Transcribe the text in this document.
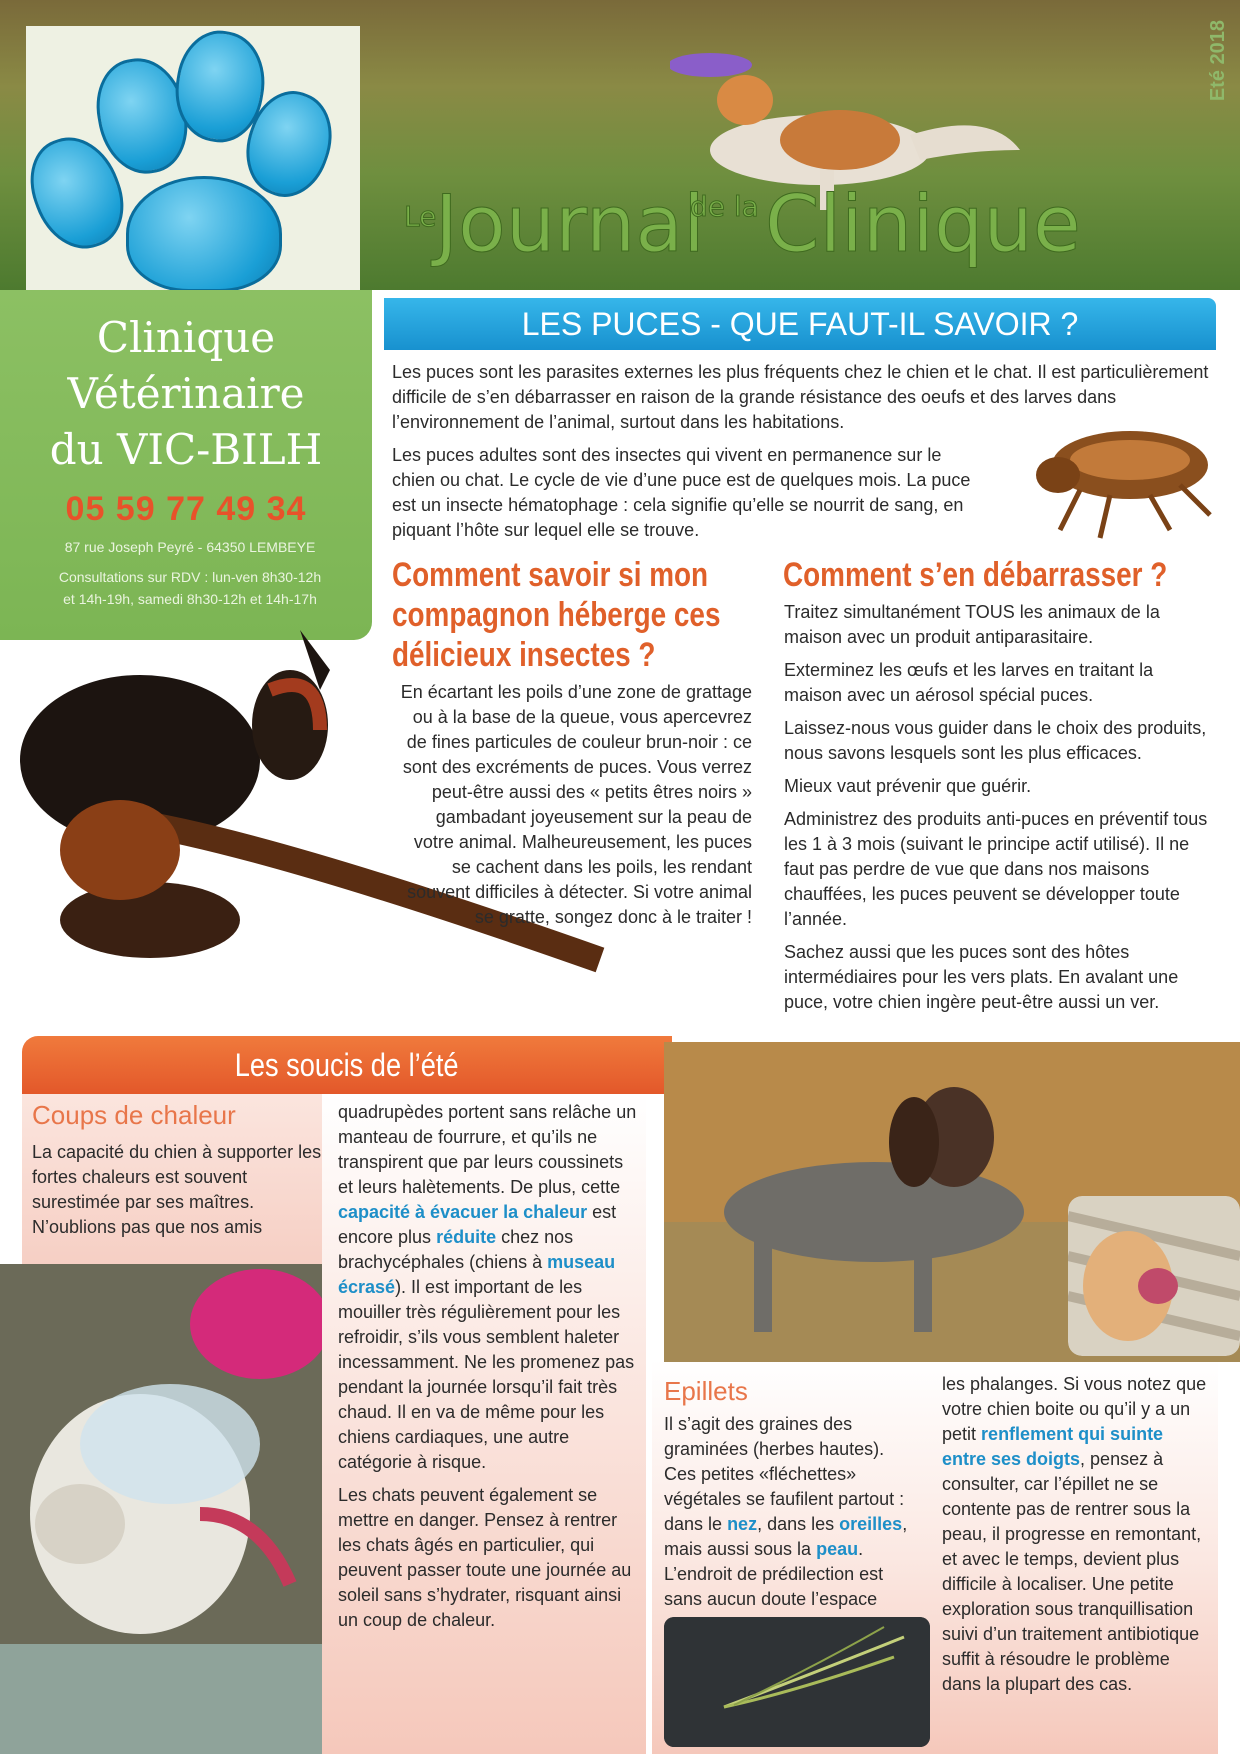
Eté 2018
Le
Journal
de la Clinique
Clinique
Vétérinaire
du VIC-BILH
05 59 77 49 34
87 rue Joseph Peyré - 64350 LEMBEYE
Consultations sur RDV : lun-ven 8h30-12h
et 14h-19h, samedi 8h30-12h et 14h-17h
LES PUCES - QUE FAUT-IL SAVOIR ?

Les puces sont les parasites externes les plus fréquents chez le chien et le chat. Il est particulièrement difficile de s’en débarrasser en raison de la grande résistance des oeufs et des larves dans l’environnement de l’animal, surtout dans les habitations.

Les puces adultes sont des insectes qui vivent en permanence sur le chien ou chat. Le cycle de vie d’une puce est de quelques mois. La puce est un insecte hématophage : cela signifie qu’elle se nourrit de sang, en piquant l’hôte sur lequel elle se trouve.

Comment savoir si mon compagnon héberge ces délicieux insectes ?
En écartant les poils d’une zone de grattage ou à la base de la queue, vous apercevrez de fines particules de couleur brun-noir : ce sont des excréments de puces. Vous verrez peut-être aussi des « petits êtres noirs » gambadant joyeusement sur la peau de votre animal. Malheureusement, les puces se cachent dans les poils, les rendant souvent difficiles à détecter. Si votre animal se gratte, songez donc à le traiter !
Comment s’en débarrasser ?

Traitez simultanément TOUS les animaux de la maison avec un produit antiparasitaire.

Exterminez les œufs et les larves en traitant la maison avec un aérosol spécial puces.

Laissez-nous vous guider dans le choix des produits, nous savons lesquels sont les plus efficaces.

Mieux vaut prévenir que guérir.

Administrez des produits anti-puces en préventif tous les 1 à 3 mois (suivant le principe actif utilisé). Il ne faut pas perdre de vue que dans nos maisons chauffées, les puces peuvent se développer toute l’année.

Sachez aussi que les puces sont des hôtes intermédiaires pour les vers plats. En avalant une puce, votre chien ingère peut-être aussi un ver.

Les soucis de l’été
Coups de chaleur
La capacité du chien à supporter les fortes chaleurs est souvent surestimée par ses maîtres. N’oublions pas que nos amis

quadrupèdes portent sans relâche un manteau de fourrure, et qu’ils ne transpirent que par leurs coussinets et leurs halètements. De plus, cette capacité à évacuer la chaleur est encore plus réduite chez nos brachycéphales (chiens à museau écrasé). Il est important de les mouiller très régulièrement pour les refroidir, s’ils vous semblent haleter incessamment. Ne les promenez pas pendant la journée lorsqu’il fait très chaud. Il en va de même pour les chiens cardiaques, une autre catégorie à risque.

Les chats peuvent également se mettre en danger. Pensez à rentrer les chats âgés en particulier, qui peuvent passer toute une journée au soleil sans s’hydrater, risquant ainsi un coup de chaleur.

Epillets
Il s’agit des graines des graminées (herbes hautes). Ces petites «fléchettes» végétales se faufilent partout : dans le nez, dans les oreilles, mais aussi sous la peau. L’endroit de prédilection est sans aucun doute l’espace
les phalanges. Si vous notez que votre chien boite ou qu’il y a un petit renflement qui suinte entre ses doigts, pensez à consulter, car l’épillet ne se contente pas de rentrer sous la peau, il progresse en remontant, et avec le temps, devient plus difficile à localiser. Une petite exploration sous tranquillisation suivi d’un traitement antibiotique suffit à résoudre le problème dans la plupart des cas.
